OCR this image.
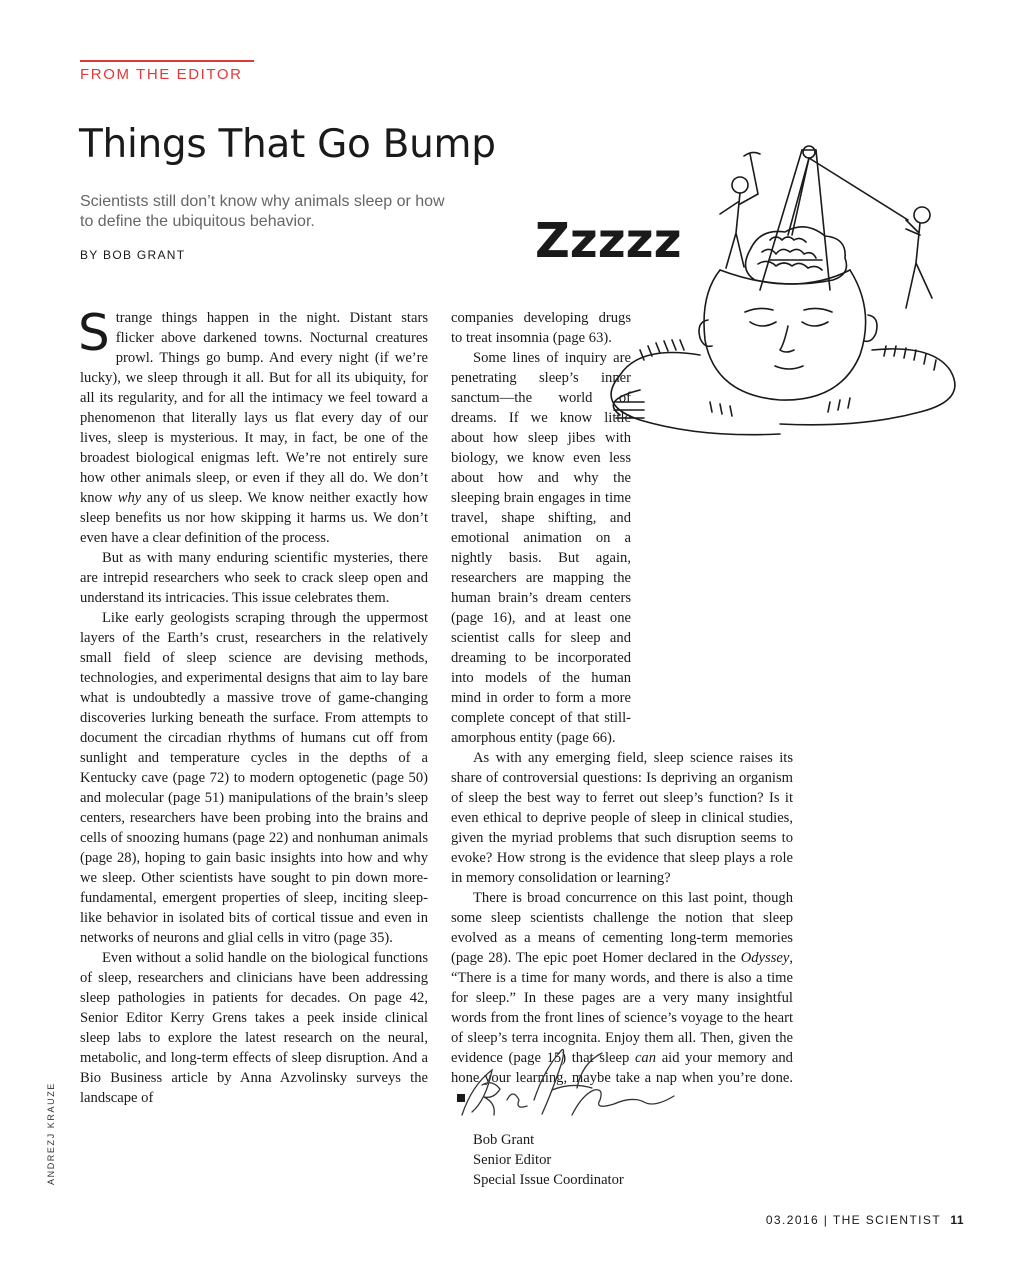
FROM THE EDITOR
Things That Go Bump
Scientists still don’t know why animals sleep or how to define the ubiquitous behavior.
BY BOB GRANT	Zzzzz

Strange things happen in the night. Distant stars flicker above darkened towns. Nocturnal creatures prowl. Things go bump. And every night (if we’re lucky), we sleep through it all. But for all its ubiquity, for all its regularity, and for all the intimacy we feel toward a phenomenon that literally lays us flat every day of our lives, sleep is mysterious. It may, in fact, be one of the broadest biological enigmas left. We’re not entirely sure how other animals sleep, or even if they all do. We don’t know why any of us sleep. We know neither exactly how sleep benefits us nor how skipping it harms us. We don’t even have a clear definition of the process.

But as with many enduring scientific mysteries, there are intrepid researchers who seek to crack sleep open and understand its intricacies. This issue celebrates them.

Like early geologists scraping through the uppermost layers of the Earth’s crust, researchers in the relatively small field of sleep science are devising methods, technologies, and experimental designs that aim to lay bare what is undoubtedly a massive trove of game-changing discoveries lurking beneath the surface. From attempts to document the circadian rhythms of humans cut off from sunlight and temperature cycles in the depths of a Kentucky cave (page 72) to modern optogenetic (page 50) and molecular (page 51) manipulations of the brain’s sleep centers, researchers have been probing into the brains and cells of snoozing humans (page 22) and nonhuman animals (page 28), hoping to gain basic insights into how and why we sleep. Other scientists have sought to pin down more-fundamental, emergent properties of sleep, inciting sleep-like behavior in isolated bits of cortical tissue and even in networks of neurons and glial cells in vitro (page 35).

Even without a solid handle on the biological functions of sleep, researchers and clinicians have been addressing sleep pathologies in patients for decades. On page 42, Senior Editor Kerry Grens takes a peek inside clinical sleep labs to explore the latest research on the neural, metabolic, and long-term effects of sleep disruption. And a Bio Business article by Anna Azvolinsky surveys the landscape of

companies developing drugs to treat insomnia (page 63).

Some lines of inquiry are penetrating sleep’s inner sanctum—the world of dreams. If we know little about how sleep jibes with biology, we know even less about how and why the sleeping brain engages in time travel, shape shifting, and emotional animation on a nightly basis. But again, researchers are mapping the human brain’s dream centers (page 16), and at least one scientist calls for sleep and dreaming to be incorporated into models of the human mind in order to form a more complete concept of that still-amorphous entity (page 66).

As with any emerging field, sleep science raises its share of controversial questions: Is depriving an organism of sleep the best way to ferret out sleep’s function? Is it even ethical to deprive people of sleep in clinical studies, given the myriad problems that such disruption seems to evoke? How strong is the evidence that sleep plays a role in memory consolidation or learning?

There is broad concurrence on this last point, though some sleep scientists challenge the notion that sleep evolved as a means of cementing long-term memories (page 28). The epic poet Homer declared in the Odyssey, “There is a time for many words, and there is also a time for sleep.” In these pages are a very many insightful words from the front lines of science’s voyage to the heart of sleep’s terra incognita. Enjoy them all. Then, given the evidence (page 15) that sleep can aid your memory and hone your learning, maybe take a nap when you’re done.

Bob Grant
Senior Editor
Special Issue Coordinator
ANDREZJ KRAUZE
03.2016 | THE SCIENTIST 11
